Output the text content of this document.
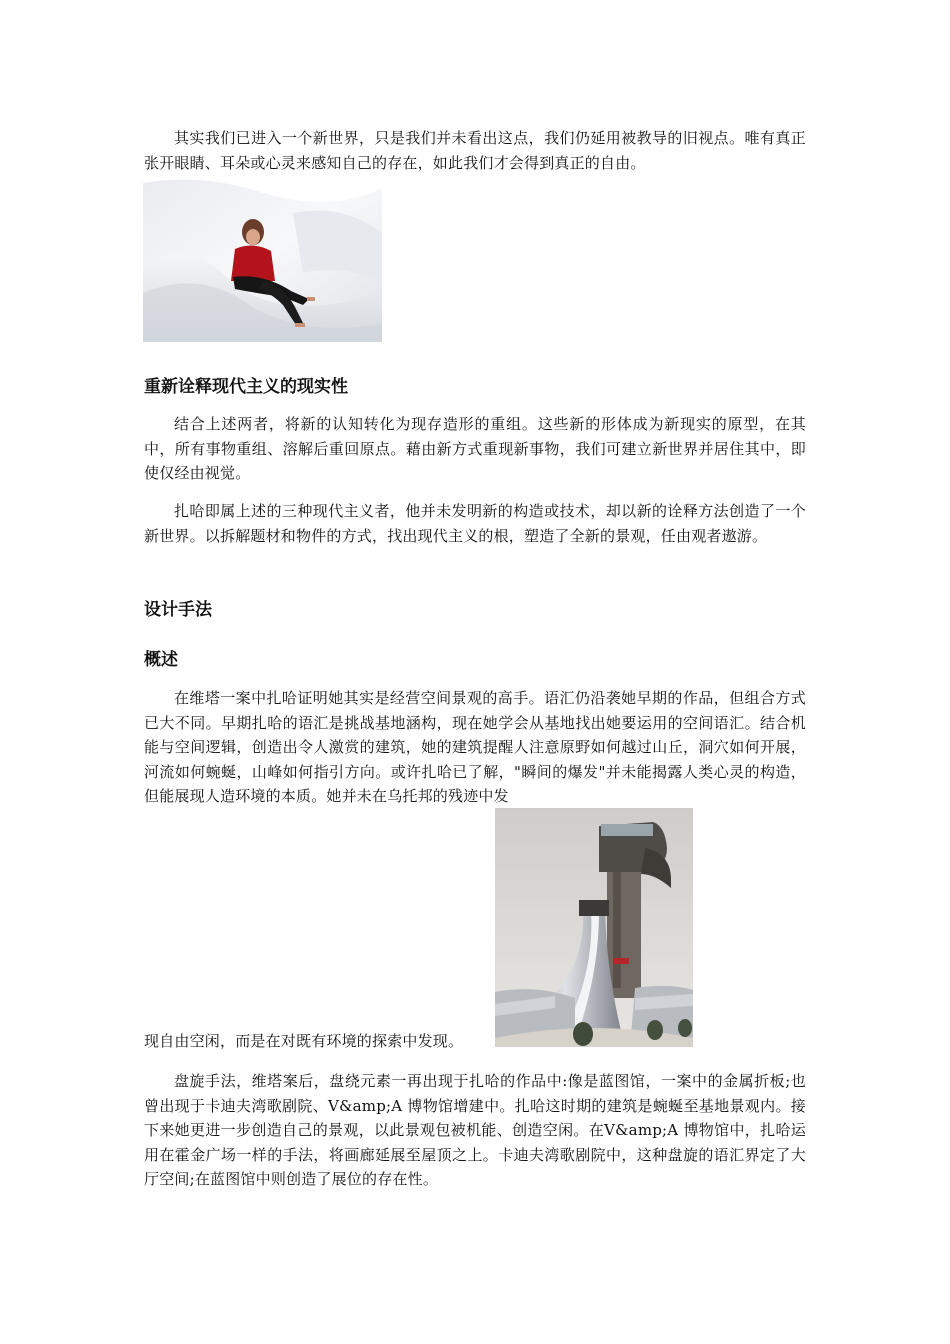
其实我们已进入一个新世界，只是我们并未看出这点，我们仍延用被教导的旧视点。唯有真正张开眼睛、耳朵或心灵来感知自己的存在，如此我们才会得到真正的自由。

重新诠释现代主义的现实性

结合上述两者，将新的认知转化为现存造形的重组。这些新的形体成为新现实的原型，在其中，所有事物重组、溶解后重回原点。藉由新方式重现新事物，我们可建立新世界并居住其中，即使仅经由视觉。

扎哈即属上述的三种现代主义者，他并未发明新的构造或技术，却以新的诠释方法创造了一个新世界。以拆解题材和物件的方式，找出现代主义的根，塑造了全新的景观，任由观者遨游。

设计手法
概述

在维塔一案中扎哈证明她其实是经营空间景观的高手。语汇仍沿袭她早期的作品，但组合方式已大不同。早期扎哈的语汇是挑战基地涵构，现在她学会从基地找出她要运用的空间语汇。结合机能与空间逻辑，创造出令人激赏的建筑，她的建筑提醒人注意原野如何越过山丘，洞穴如何开展，河流如何蜿蜒，山峰如何指引方向。或许扎哈已了解，"瞬间的爆发"并未能揭露人类心灵的构造，但能展现人造环境的本质。她并未在乌托邦的残迹中发

现自由空闲，而是在对既有环境的探索中发现。

盘旋手法，维塔案后，盘绕元素一再出现于扎哈的作品中:像是蓝图馆，一案中的金属折板;也曾出现于卡迪夫湾歌剧院、V&amp;A 博物馆增建中。扎哈这时期的建筑是蜿蜒至基地景观内。接下来她更进一步创造自己的景观，以此景观包被机能、创造空闲。在V&amp;A 博物馆中，扎哈运用在霍金广场一样的手法，将画廊延展至屋顶之上。卡迪夫湾歌剧院中，这种盘旋的语汇界定了大厅空间;在蓝图馆中则创造了展位的存在性。
